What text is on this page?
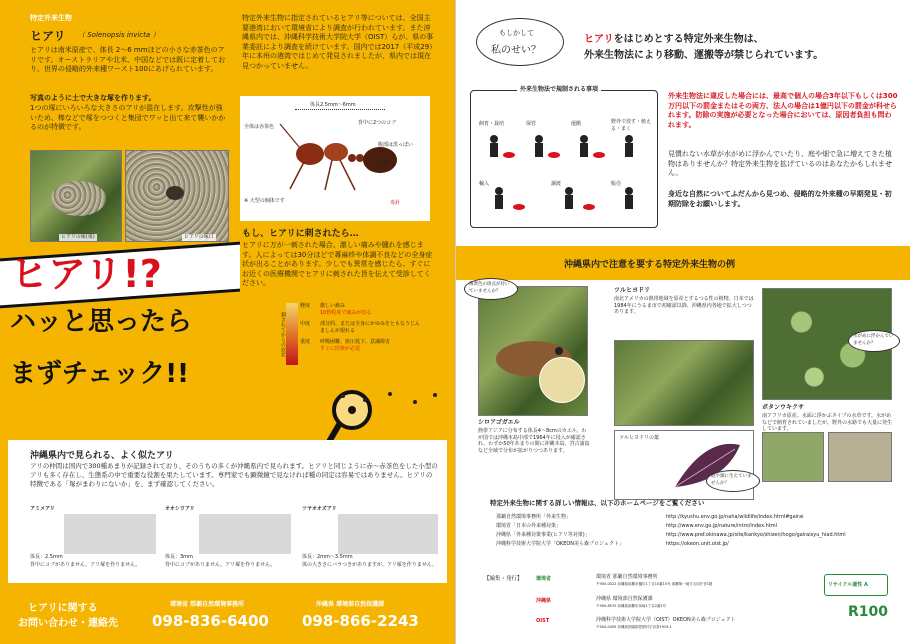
特定外来生物
ヒアリ （ Solenopsis invicta ）
ヒアリは南米原産で、体長 2～6 mmほどの小さな赤茶色のアリです。オーストラリアや北米、中国などでは既に定着しており、世界の侵略的外来種ワースト100にあげられています。
写真のように土で大きな塚を作ります。
1つの塚にいろいろな大きさのアリが混在します。攻撃性が強いため、棒などで塚をつつくと集団でワッと出て来て襲いかかるのが特徴です。
ヒアリの塚(巣)	ヒアリの塚口
特定外来生物に指定されているヒアリ等については、全国主要港湾において環境省により調査が行われています。また沖縄県内では、沖縄科学技術大学院大学（OIST）らが、県の事業委託により調査を続けています。国内では2017（平成29）年に本州の港湾ではじめて発見されましたが、県内では現在見つかっていません。
体長2.5mm～6mm
全体は赤茶色
腹部は黒っぽい
2節
背中に2つのコブ
毒針
※ 大型の個体です
もし、ヒアリに刺されたら…
ヒアリに万が一刺された場合、激しい痛みや腫れを感じます。人によっては30分ほどで蕁麻疹や体調不良などの全身症状が出ることがあります。少しでも異常を感じたら、すぐにお近くの医療機関でヒアリに刺された旨を伝えて受診してください。
刺されてからの症状
軽度	激しい痛み
10秒程度で痛みが出る
中度	部分的、または全身にかゆみをともなうじんましんが現れる
重度	呼吸困難、血圧低下、意識障害
すぐに医療が必要
ヒアリ!?
ハッと思ったら
まずチェック!!
沖縄県内で見られる、よく似たアリ
アリの仲間は国内で300種あまりが記録されており、そのうちの多くが沖縄県内で見られます。ヒアリと同じように赤～赤茶色をした小型のアリも多く存在し、生態系の中で重要な役割を果たしています。専門家でも顕微鏡で見なければ種の同定は容易ではありません。ヒアリの特徴である「塚がまわりにないか」を、まず確認してください。
アミメアリ
体長：2.5mm
背中にコブがありません。アリ塚を作りません。
オオシワアリ
体長：3mm
背中にコブがありません。アリ塚を作りません。
ツヤオオズアリ
体長：2mm～3.5mm
体の大きさにバラつきがありますが、アリ塚を作りません。
ヒアリに関する
お問い合わせ・連絡先
環境省 那覇自然環境事務所
098-836-6400
沖縄県 環境部自然保護課
098-866-2243
もしかして
私のせい？
ヒアリをはじめとする特定外来生物は、
外来生物法により移動、運搬等が禁じられています。
外来生物法で規制される事項
飼育・栽培	保管	運搬	野外で放す・植える・まく
輸入	譲渡	販売
外来生物法に違反した場合には、最高で個人の場合3年以下もしくは300万円以下の罰金またはその両方、法人の場合は1億円以下の罰金が科せられます。防除の実施が必要となった場合においては、原因者負担も問われます。
見慣れない水草が水がめに浮かんでいたり、庭や畑で急に増えてきた植物はありませんか？特定外来生物を拡げているのはあなたかもしれません。
身近な自然についてふだんから見つめ、侵略的な外来種の早期発見・初期防除をお願いします。
沖縄県内で注意を要する特定外来生物の例
薄黄色の斑点が付いていませんか？
シロアゴガエル
熱帯アジアに分布する体長4～8cmのカエル。わが国では沖縄本島中部で1964年に侵入が確認され、わずか50年あまりの間に沖縄本島、宮古諸島など全域で分布が拡がりつつあります。
ツルヒヨドリ
南北アメリカの熱帯地域を原産とするつる性の植物。日本では1984年にうるま市で初確認以降、沖縄県内各地で拡大しつつあります。
ツルヒヨドリの葉
庭や畑に生えていませんか？
水がめに浮かんでいませんか？
ボタンウキクサ
南アフリカ原産。水面に浮かぶタイプの水草です。水がめなどで飼育されていましたが、野外の水路でも大量に発生しています。
特定外来生物に関する詳しい情報は、以下のホームページをご覧ください
那覇自然環境事務所「外来生物」	http://kyushu.env.go.jp/naha/wildlife/index.html#gairai
環境省「日本の外来種対策」	http://www.env.go.jp/nature/intro/index.html
沖縄県「外来種対策事業(ヒアリ等対策)」	http://www.pref.okinawa.jp/site/kankyo/shizen/hogo/gairaisyu_hiad.html
沖縄科学技術大学院大学「OKEON美ら森プロジェクト」	https://okeon.unit.oist.jp/
【編集・発行】	環境省
沖縄県
OIST
環境省 那覇自然環境事務所
〒900-0022 沖縄県那覇市樋川1丁目15番15号 那覇第一地方合同庁舎1階
沖縄県 環境部自然保護課
〒900-8570 沖縄県那覇市泉崎1丁目2番2号
沖縄科学技術大学院大学（OIST）OKEON美ら森プロジェクト
〒904-0495 沖縄県国頭郡恩納村字谷茶1919-1
リサイクル適性 A
R100
